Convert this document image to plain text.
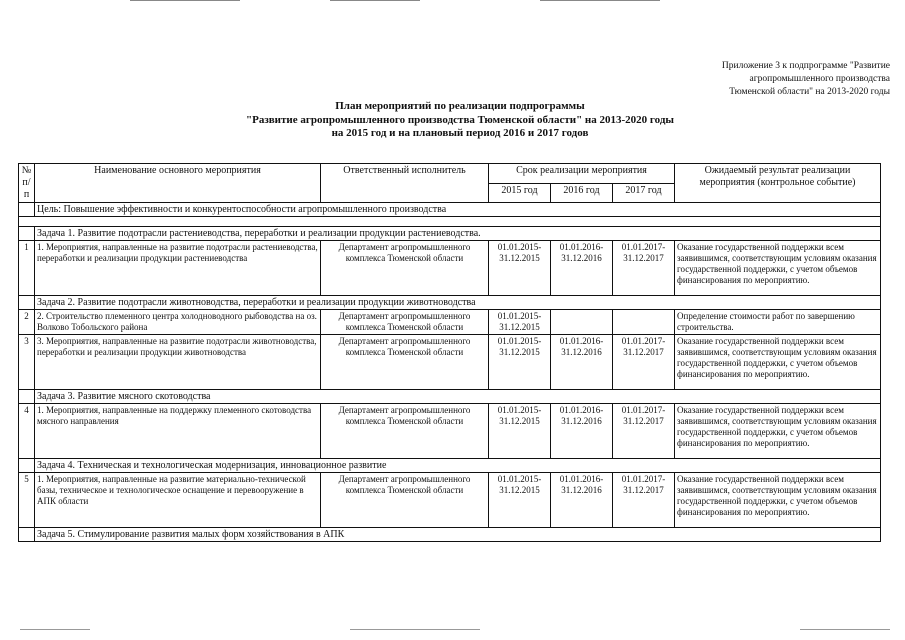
Приложение 3 к подпрограмме "Развитие
агропромышленного производства
Тюменской области" на 2013-2020 годы
План мероприятий по реализации подпрограммы
"Развитие агропромышленного производства Тюменской области" на 2013-2020 годы
на 2015 год и на плановый период 2016 и 2017 годов
№ п/п	Наименование основного мероприятия	Ответственный исполнитель	Срок реализации мероприятия			Ожидаемый результат реализации мероприятия (контрольное событие)
			2015 год	2016 год	2017 год	
	Цель: Повышение эффективности и конкурентоспособности агропромышленного производства					

	Задача 1. Развитие подотрасли растениеводства, переработки и реализации продукции растениеводства.					
1	1. Мероприятия, направленные на развитие подотрасли растениеводства, переработки и реализации продукции растениеводства	Департамент агропромышленного комплекса Тюменской области	01.01.2015- 31.12.2015	01.01.2016- 31.12.2016	01.01.2017- 31.12.2017	Оказание государственной поддержки всем заявившимся, соответствующим условиям оказания государственной поддержки, с учетом объемов финансирования по мероприятию.
	Задача 2. Развитие подотрасли животноводства, переработки и реализации продукции животноводства					
2	2. Строительство племенного центра холодноводного рыбоводства на оз. Волково Тобольского района	Департамент агропромышленного комплекса Тюменской области	01.01.2015- 31.12.2015			Определение стоимости работ по завершению строительства.
3	3. Мероприятия, направленные на развитие подотрасли животноводства, переработки и реализации продукции животноводства	Департамент агропромышленного комплекса Тюменской области	01.01.2015- 31.12.2015	01.01.2016- 31.12.2016	01.01.2017- 31.12.2017	Оказание государственной поддержки всем заявившимся, соответствующим условиям оказания государственной поддержки, с учетом объемов финансирования по мероприятию.
	Задача 3. Развитие мясного скотоводства					
4	1. Мероприятия, направленные на поддержку племенного скотоводства мясного направления	Департамент агропромышленного комплекса Тюменской области	01.01.2015- 31.12.2015	01.01.2016- 31.12.2016	01.01.2017- 31.12.2017	Оказание государственной поддержки всем заявившимся, соответствующим условиям оказания государственной поддержки, с учетом объемов финансирования по мероприятию.
	Задача 4. Техническая и технологическая модернизация, инновационное развитие					
5	1. Мероприятия, направленные на развитие материально-технической базы, техническое и технологическое оснащение и перевооружение в АПК области	Департамент агропромышленного комплекса Тюменской области	01.01.2015- 31.12.2015	01.01.2016- 31.12.2016	01.01.2017- 31.12.2017	Оказание государственной поддержки всем заявившимся, соответствующим условиям оказания государственной поддержки, с учетом объемов финансирования по мероприятию.
	Задача 5. Стимулирование развития малых форм хозяйствования в АПК					
